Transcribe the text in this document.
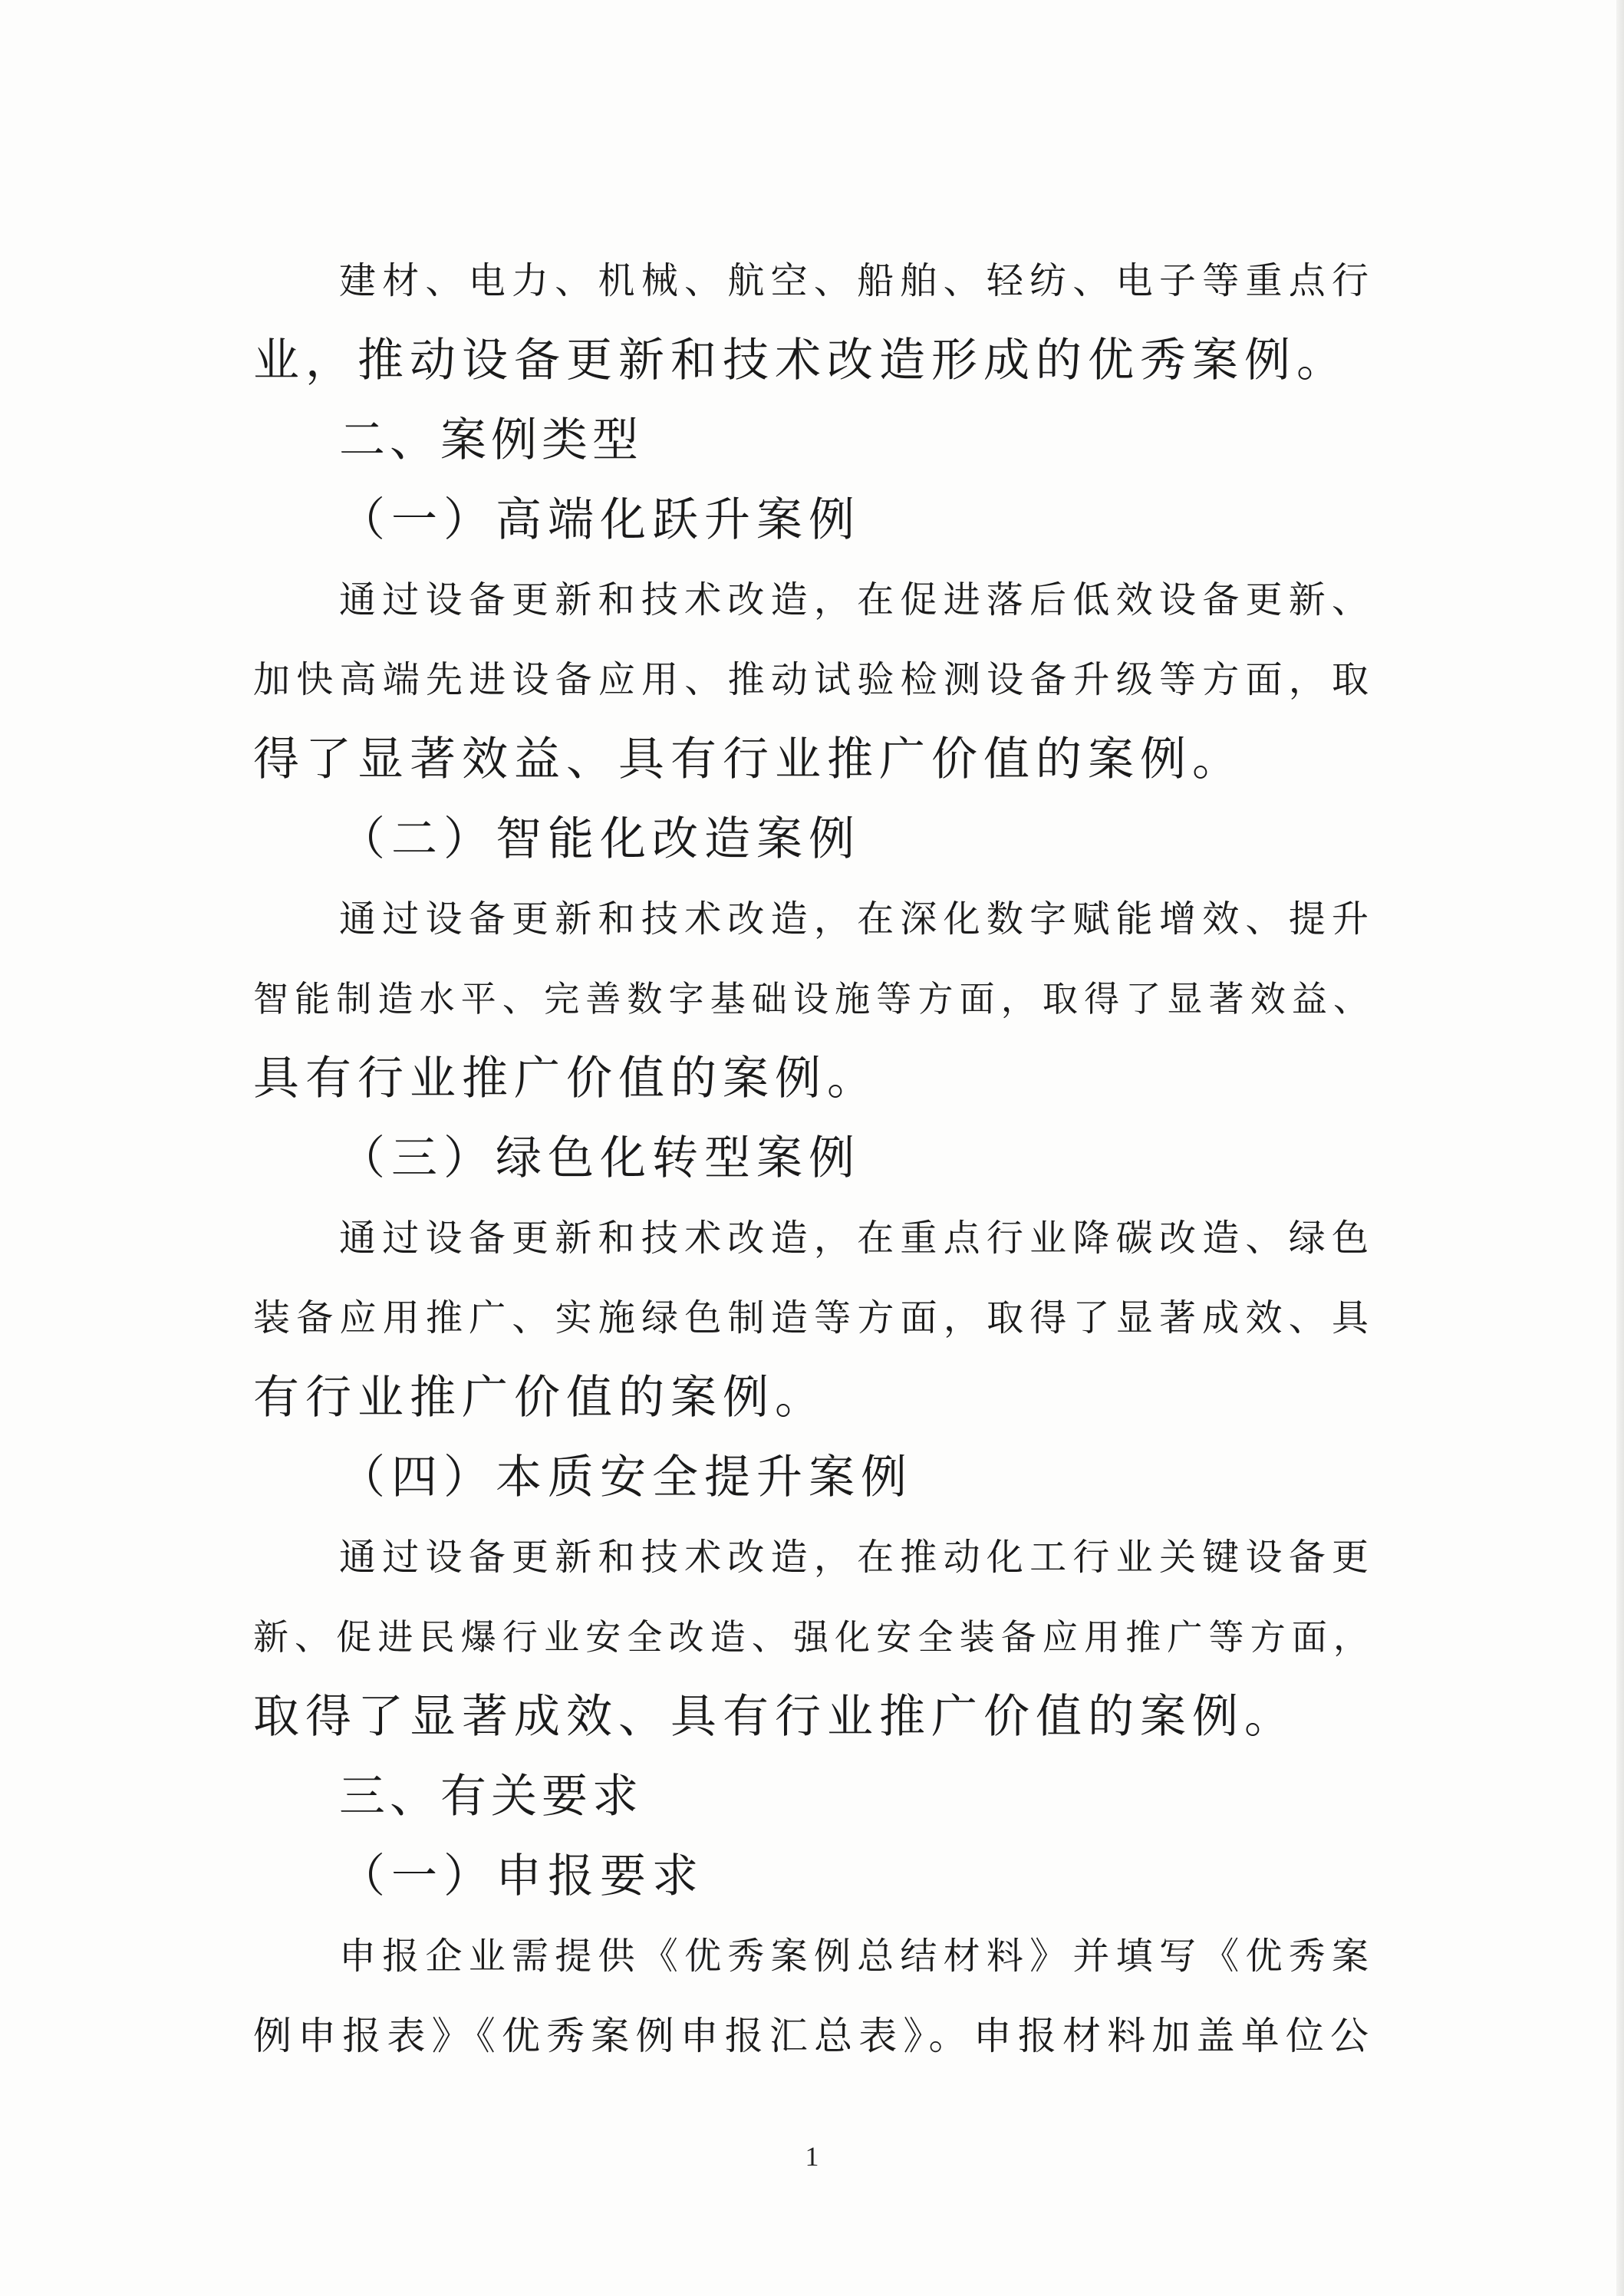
建材、电力、机械、航空、船舶、轻纺、电子等重点行
业，推动设备更新和技术改造形成的优秀案例。
二、案例类型
（一）高端化跃升案例
通过设备更新和技术改造，在促进落后低效设备更新、
加快高端先进设备应用、推动试验检测设备升级等方面，取
得了显著效益、具有行业推广价值的案例。
（二）智能化改造案例
通过设备更新和技术改造，在深化数字赋能增效、提升
智能制造水平、完善数字基础设施等方面，取得了显著效益、
具有行业推广价值的案例。
（三）绿色化转型案例
通过设备更新和技术改造，在重点行业降碳改造、绿色
装备应用推广、实施绿色制造等方面，取得了显著成效、具
有行业推广价值的案例。
（四）本质安全提升案例
通过设备更新和技术改造，在推动化工行业关键设备更
新、促进民爆行业安全改造、强化安全装备应用推广等方面，
取得了显著成效、具有行业推广价值的案例。
三、有关要求
（一）申报要求
申报企业需提供《优秀案例总结材料》并填写《优秀案
例申报表》《优秀案例申报汇总表》。申报材料加盖单位公
1
